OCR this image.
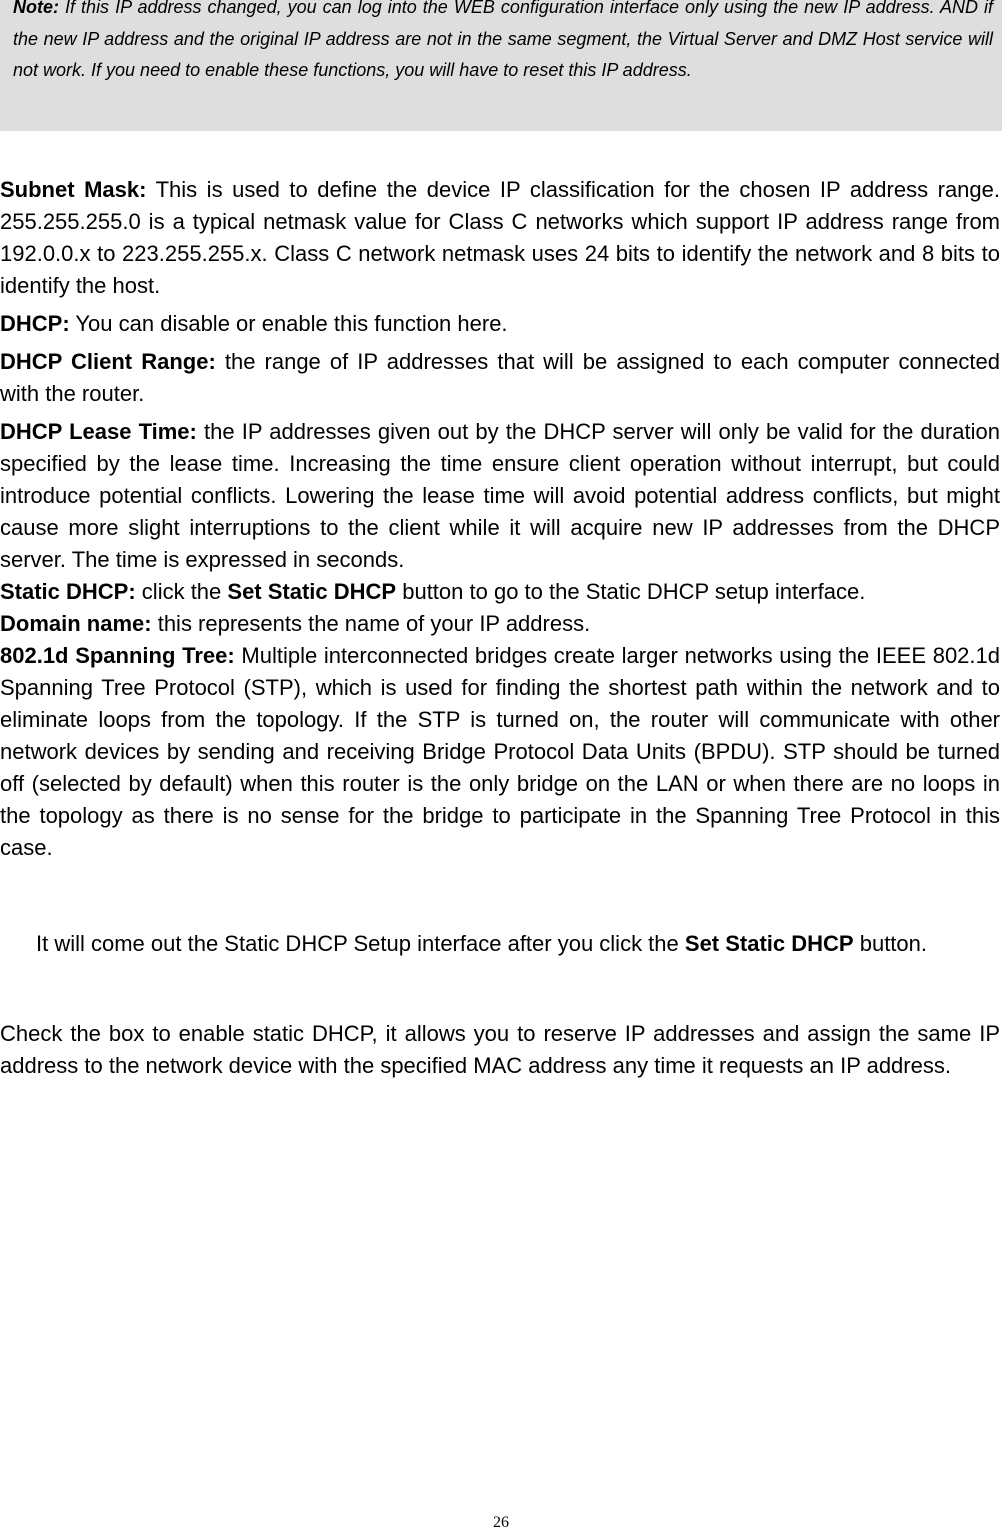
Note: If this IP address changed, you can log into the WEB configuration interface only using the new IP address. AND if the new IP address and the original IP address are not in the same segment, the Virtual Server and DMZ Host service will not work. If you need to enable these functions, you will have to reset this IP address.

Subnet Mask: This is used to define the device IP classification for the chosen IP address range. 255.255.255.0 is a typical netmask value for Class C networks which support IP address range from 192.0.0.x to 223.255.255.x. Class C network netmask uses 24 bits to identify the network and 8 bits to identify the host.

DHCP: You can disable or enable this function here.

DHCP Client Range: the range of IP addresses that will be assigned to each computer connected with the router.

DHCP Lease Time: the IP addresses given out by the DHCP server will only be valid for the duration specified by the lease time. Increasing the time ensure client operation without interrupt, but could introduce potential conflicts. Lowering the lease time will avoid potential address conflicts, but might cause more slight interruptions to the client while it will acquire new IP addresses from the DHCP server. The time is expressed in seconds.

Static DHCP: click the Set Static DHCP button to go to the Static DHCP setup interface.

Domain name: this represents the name of your IP address.

802.1d Spanning Tree: Multiple interconnected bridges create larger networks using the IEEE 802.1d Spanning Tree Protocol (STP), which is used for finding the shortest path within the network and to eliminate loops from the topology. If the STP is turned on, the router will communicate with other network devices by sending and receiving Bridge Protocol Data Units (BPDU). STP should be turned off (selected by default) when this router is the only bridge on the LAN or when there are no loops in the topology as there is no sense for the bridge to participate in the Spanning Tree Protocol in this case.

It will come out the Static DHCP Setup interface after you click the Set Static DHCP button.

Check the box to enable static DHCP, it allows you to reserve IP addresses and assign the same IP address to the network device with the specified MAC address any time it requests an IP address.

26
